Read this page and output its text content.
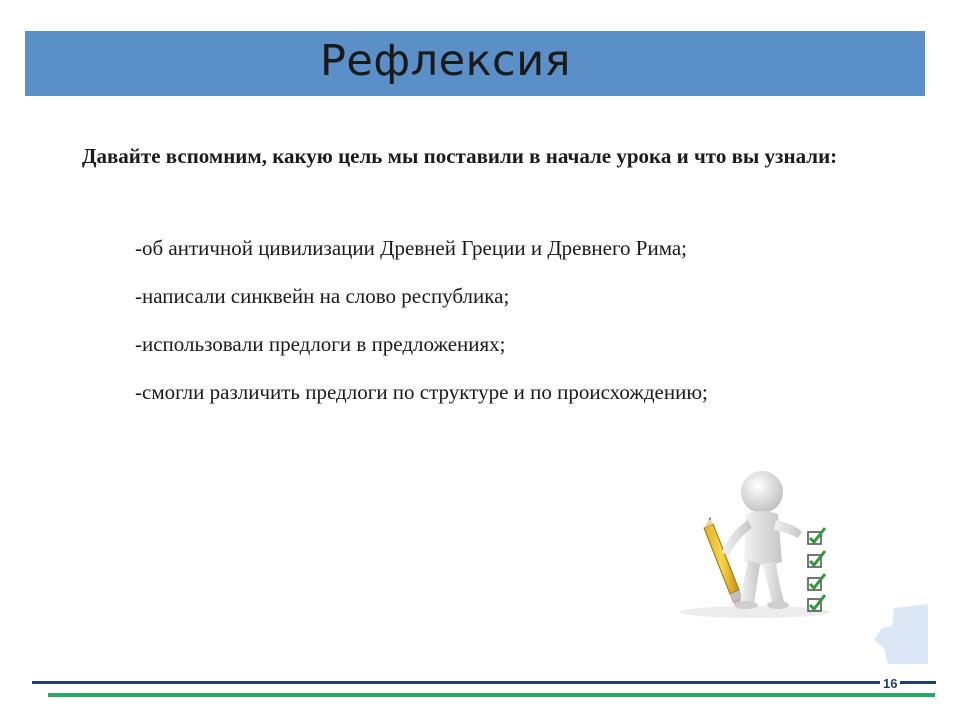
Рефлексия
Давайте вспомним, какую цель мы поставили в начале урока и что вы узнали:
-об античной цивилизации Древней Греции и Древнего Рима;
-написали синквейн на слово республика;
-использовали предлоги в предложениях;
-смогли различить предлоги по структуре и по происхождению;
16
